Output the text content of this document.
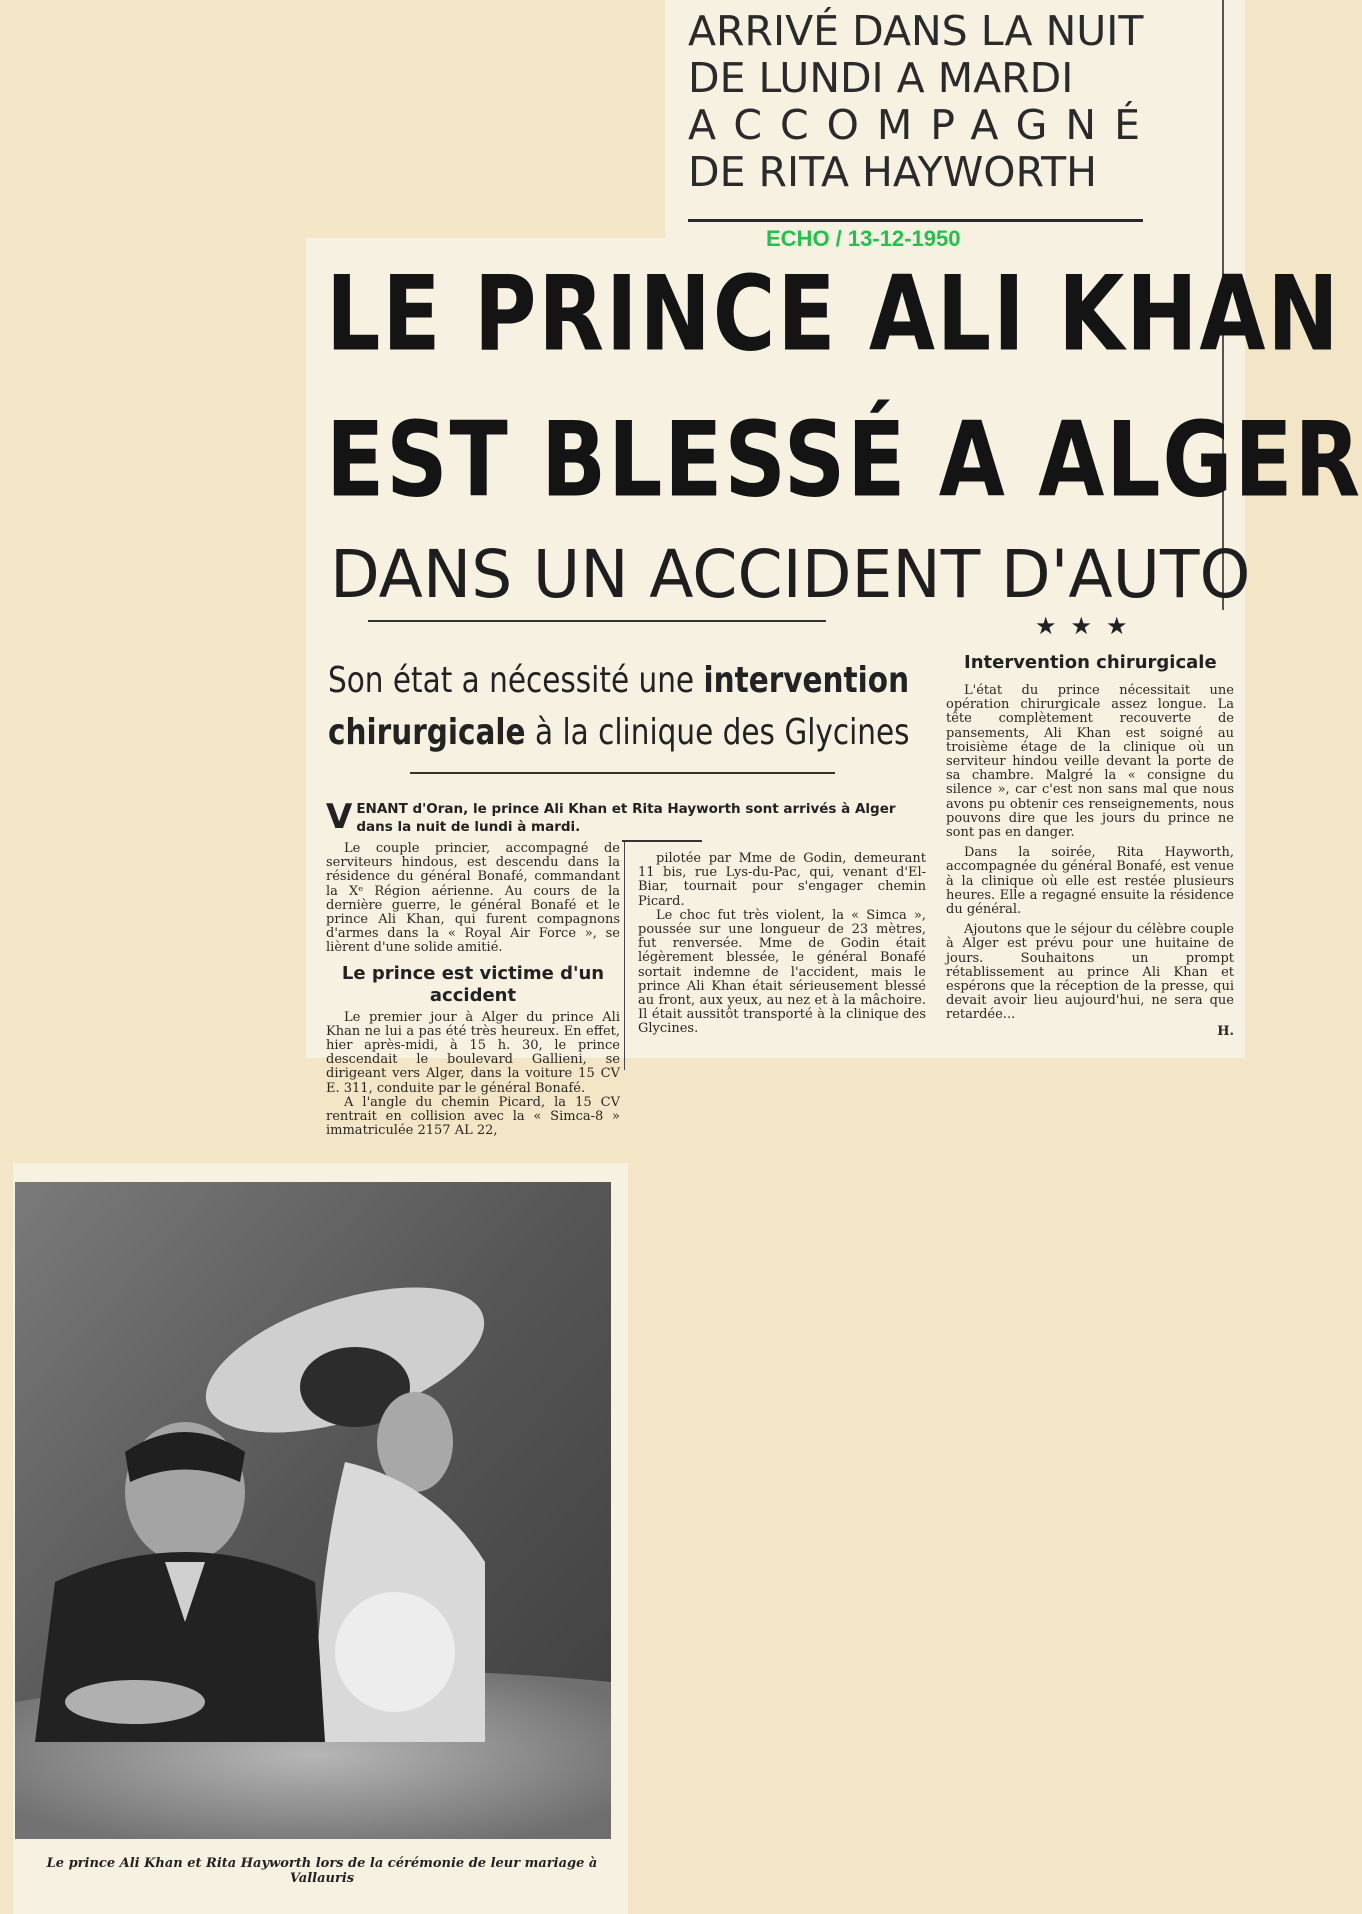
ARRIVÉ DANS LA NUIT
DE LUNDI A MARDI
ACCOMPAGNÉ
DE RITA HAYWORTH
ECHO / 13-12-1950
LE PRINCE ALI KHAN
EST BLESSÉ A ALGER
DANS UN ACCIDENT D'AUTO
★★★
Son état a nécessité une intervention
chirurgicale à la clinique des Glycines
V ENANT d'Oran, le prince Ali Khan et Rita Hayworth sont arrivés à Alger dans la nuit de lundi à mardi.

Le couple princier, accompagné de serviteurs hindous, est descendu dans la résidence du général Bonafé, commandant la Xᵉ Région aérienne. Au cours de la dernière guerre, le général Bonafé et le prince Ali Khan, qui furent compagnons d'armes dans la « Royal Air Force », se lièrent d'une solide amitié.

Le prince est victime d'un accident

Le premier jour à Alger du prince Ali Khan ne lui a pas été très heureux. En effet, hier après-midi, à 15 h. 30, le prince descendait le boulevard Gallieni, se dirigeant vers Alger, dans la voiture 15 CV E. 311, conduite par le général Bonafé.

A l'angle du chemin Picard, la 15 CV rentrait en collision avec la « Simca-8 » immatriculée 2157 AL 22,

pilotée par Mme de Godin, demeurant 11 bis, rue Lys-du-Pac, qui, venant d'El-Biar, tournait pour s'engager chemin Picard.

Le choc fut très violent, la « Simca », poussée sur une longueur de 23 mètres, fut renversée. Mme de Godin était légèrement blessée, le général Bonafé sortait indemne de l'accident, mais le prince Ali Khan était sérieusement blessé au front, aux yeux, au nez et à la mâchoire. Il était aussitôt transporté à la clinique des Glycines.

Intervention chirurgicale

L'état du prince nécessitait une opération chirurgicale assez longue. La tête complètement recouverte de pansements, Ali Khan est soigné au troisième étage de la clinique où un serviteur hindou veille devant la porte de sa chambre. Malgré la « consigne du silence », car c'est non sans mal que nous avons pu obtenir ces renseignements, nous pouvons dire que les jours du prince ne sont pas en danger.

Dans la soirée, Rita Hayworth, accompagnée du général Bonafé, est venue à la clinique où elle est restée plusieurs heures. Elle a regagné ensuite la résidence du général.

Ajoutons que le séjour du célèbre couple à Alger est prévu pour une huitaine de jours. Souhaitons un prompt rétablissement au prince Ali Khan et espérons que la réception de la presse, qui devait avoir lieu aujourd'hui, ne sera que retardée...

H.
Le prince Ali Khan et Rita Hayworth lors de la cérémonie de leur mariage à Vallauris
